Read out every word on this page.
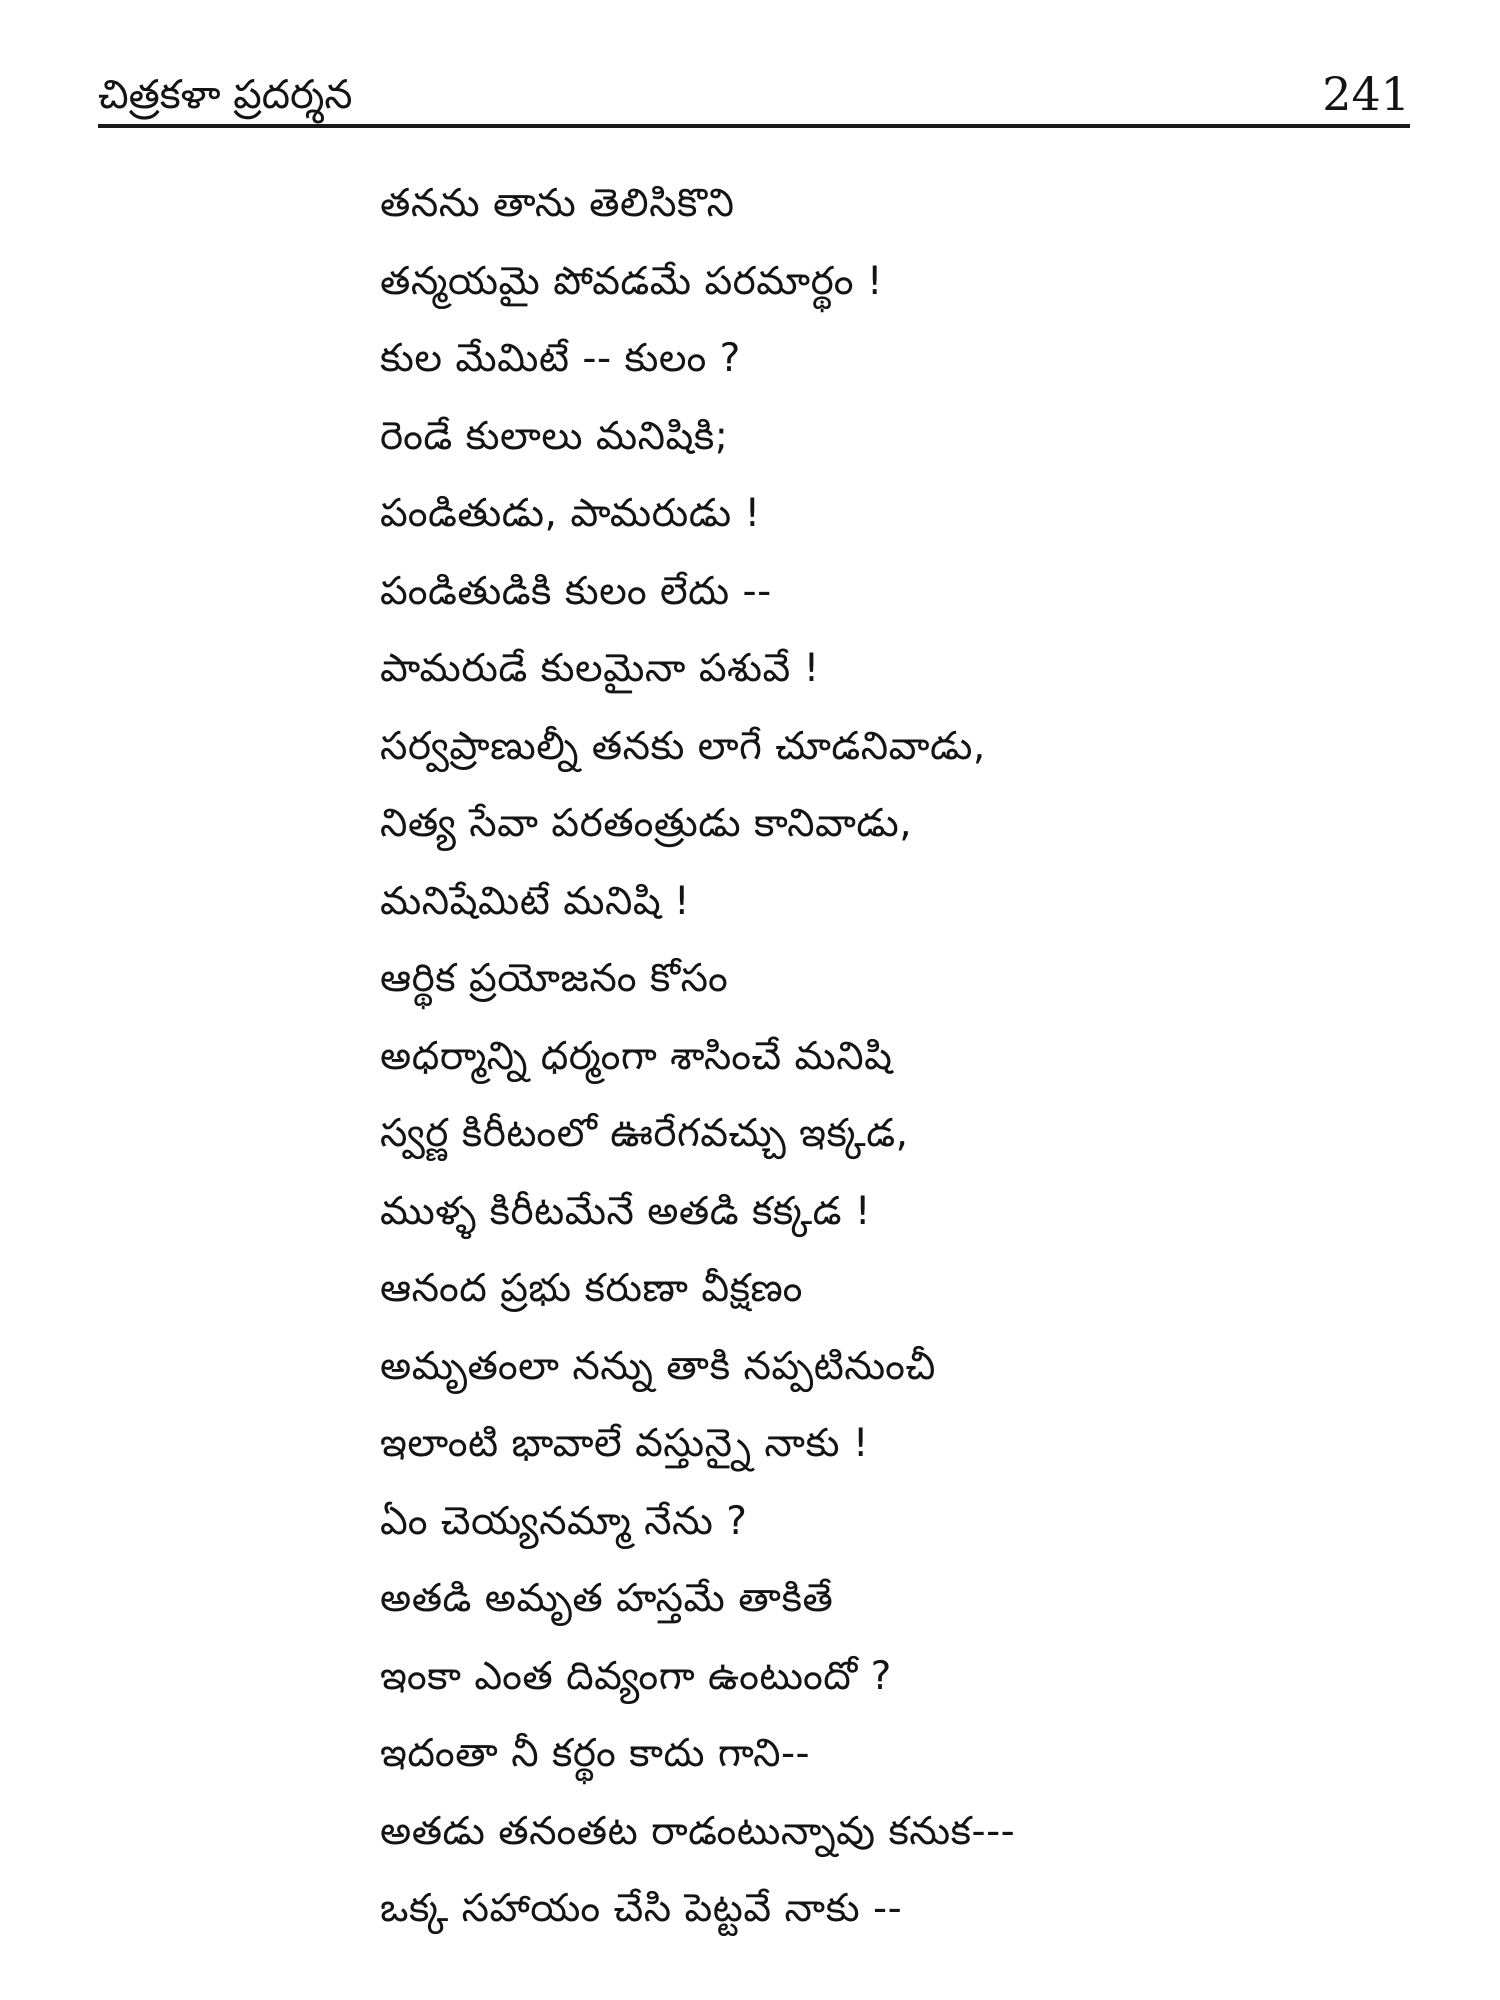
చిత్రకళా ప్రదర్శన	241
తనను తాను తెలిసికొని
తన్మయమై పోవడమే పరమార్థం !
కుల మేమిటే -- కులం ?
రెండే కులాలు మనిషికి;
పండితుడు, పామరుడు !
పండితుడికి కులం లేదు --
పామరుడే కులమైనా పశువే !
సర్వప్రాణుల్నీ తనకు లాగే చూడనివాడు,
నిత్య సేవా పరతంత్రుడు కానివాడు,
మనిషేమిటే మనిషి !
ఆర్థిక ప్రయోజనం కోసం
అధర్మాన్ని ధర్మంగా శాసించే మనిషి
స్వర్ణ కిరీటంలో ఊరేగవచ్చు ఇక్కడ,
ముళ్ళ కిరీటమేనే అతడి కక్కడ !
ఆనంద ప్రభు కరుణా వీక్షణం
అమృతంలా నన్ను తాకి నప్పటినుంచీ
ఇలాంటి భావాలే వస్తున్నై నాకు !
ఏం చెయ్యనమ్మా నేను ?
అతడి అమృత హస్తమే తాకితే
ఇంకా ఎంత దివ్యంగా ఉంటుందో ?
ఇదంతా నీ కర్థం కాదు గాని--
అతడు తనంతట రాడంటున్నావు కనుక---
ఒక్క సహాయం చేసి పెట్టవే నాకు --
